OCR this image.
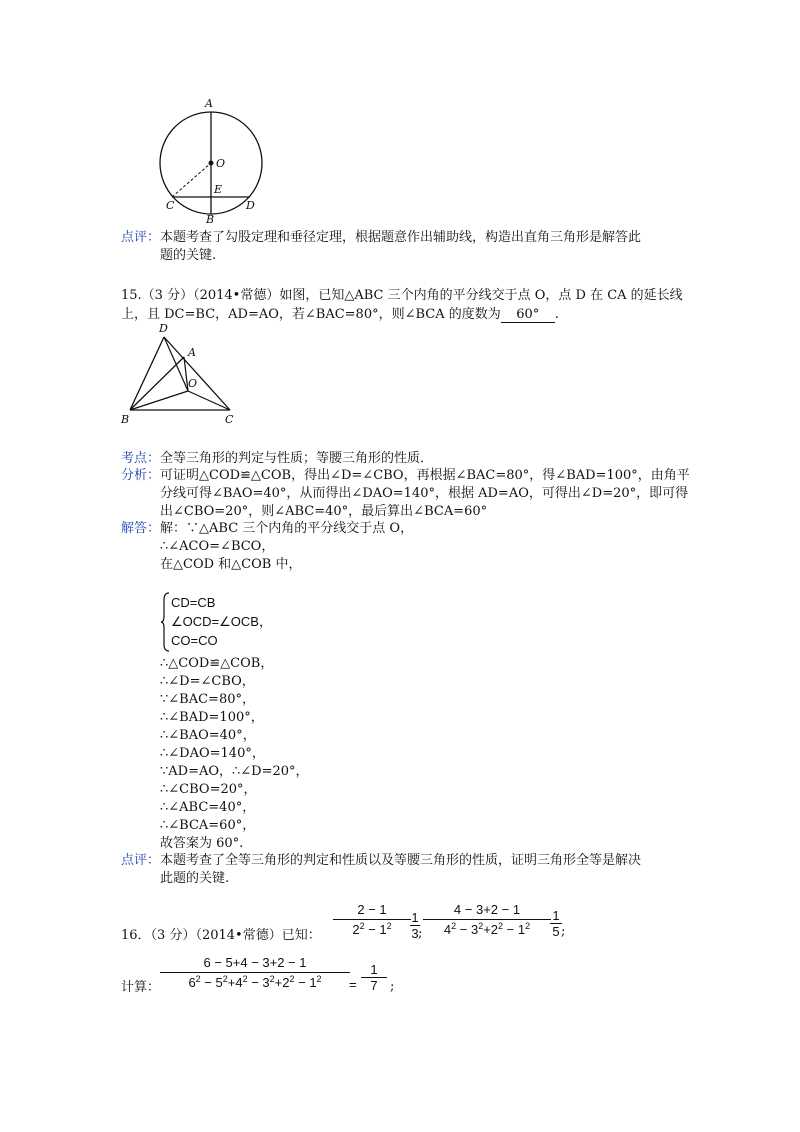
A
O
E
C
B
D
点评：本题考查了勾股定理和垂径定理，根据题意作出辅助线，构造出直角三角形是解答此
题的关键.
15.（3 分）（2014•常德）如图，已知△ABC 三个内角的平分线交于点 O，点 D 在 CA 的延长线
上，且 DC=BC，AD=AO，若∠BAC=80°，则∠BCA 的度数为 60° .
D
A
O
B	C
考点：全等三角形的判定与性质；等腰三角形的性质．
分析：可证明△COD≌△COB，得出∠D=∠CBO，再根据∠BAC=80°，得∠BAD=100°，由角平
分线可得∠BAO=40°，从而得出∠DAO=140°，根据 AD=AO，可得出∠D=20°，即可得
出∠CBO=20°，则∠ABC=40°，最后算出∠BCA=60°
解答：解：∵△ABC 三个内角的平分线交于点 O，
∴∠ACO=∠BCO，
在△COD 和△COB 中，
CD=CB
∠OCD=∠OCB，
CO=CO
∴△COD≌△COB，
∴∠D=∠CBO，
∵∠BAC=80°，
∴∠BAD=100°，
∴∠BAO=40°，
∴∠DAO=140°，
∵AD=AO，∴∠D=20°，
∴∠CBO=20°，
∴∠ABC=40°，
∴∠BCA=60°，
故答案为 60°.
点评：本题考查了全等三角形的判定和性质以及等腰三角形的性质，证明三角形全等是解决
此题的关键.
16．（3 分）（2014•常德）已知：
2 − 1
$2^2 - 1^2$
1
3 ;
4 − 3+2 − 1
$4^2 - 3^2+2^2 - 1^2$
1
5 ;
计算：
6 − 5+4 − 3+2 − 1
$6^2 - 5^2+4^2 - 3^2+2^2 - 1^2$	=
1
7 ;
